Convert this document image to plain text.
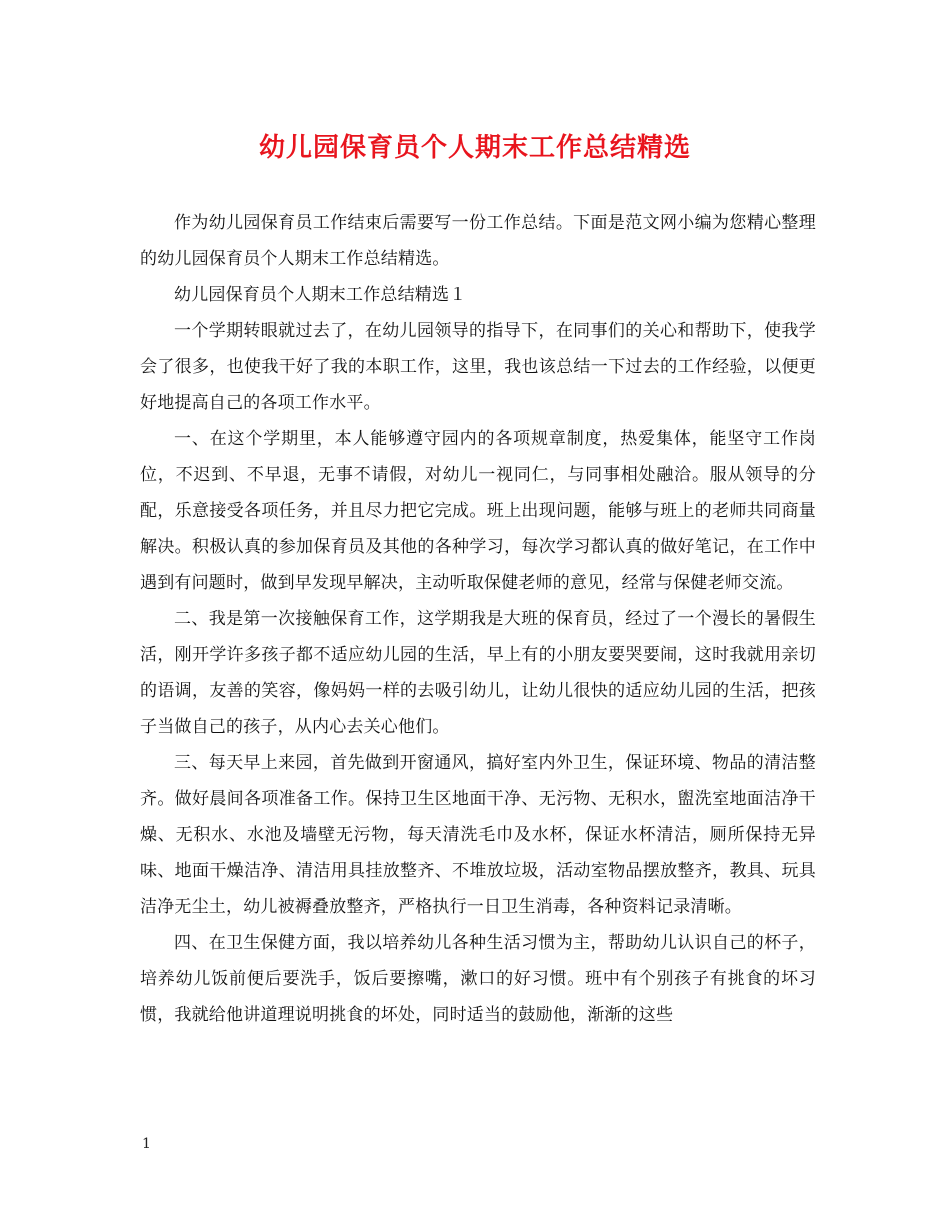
幼儿园保育员个人期末工作总结精选

作为幼儿园保育员工作结束后需要写一份工作总结。下面是范文网小编为您精心整理的幼儿园保育员个人期末工作总结精选。

幼儿园保育员个人期末工作总结精选１

一个学期转眼就过去了，在幼儿园领导的指导下，在同事们的关心和帮助下，使我学会了很多，也使我干好了我的本职工作，这里，我也该总结一下过去的工作经验，以便更好地提高自己的各项工作水平。

一、在这个学期里，本人能够遵守园内的各项规章制度，热爱集体，能坚守工作岗位，不迟到、不早退，无事不请假，对幼儿一视同仁，与同事相处融洽。服从领导的分配，乐意接受各项任务，并且尽力把它完成。班上出现问题，能够与班上的老师共同商量解决。积极认真的参加保育员及其他的各种学习，每次学习都认真的做好笔记，在工作中遇到有问题时，做到早发现早解决，主动听取保健老师的意见，经常与保健老师交流。

二、我是第一次接触保育工作，这学期我是大班的保育员，经过了一个漫长的暑假生活，刚开学许多孩子都不适应幼儿园的生活，早上有的小朋友要哭要闹，这时我就用亲切的语调，友善的笑容，像妈妈一样的去吸引幼儿，让幼儿很快的适应幼儿园的生活，把孩子当做自己的孩子，从内心去关心他们。

三、每天早上来园，首先做到开窗通风，搞好室内外卫生，保证环境、物品的清洁整齐。做好晨间各项准备工作。保持卫生区地面干净、无污物、无积水，盥洗室地面洁净干燥、无积水、水池及墙壁无污物，每天清洗毛巾及水杯，保证水杯清洁，厕所保持无异味、地面干燥洁净、清洁用具挂放整齐、不堆放垃圾，活动室物品摆放整齐，教具、玩具洁净无尘土，幼儿被褥叠放整齐，严格执行一日卫生消毒，各种资料记录清晰。

四、在卫生保健方面，我以培养幼儿各种生活习惯为主，帮助幼儿认识自己的杯子，培养幼儿饭前便后要洗手，饭后要擦嘴，漱口的好习惯。班中有个别孩子有挑食的坏习惯，我就给他讲道理说明挑食的坏处，同时适当的鼓励他，渐渐的这些

1
